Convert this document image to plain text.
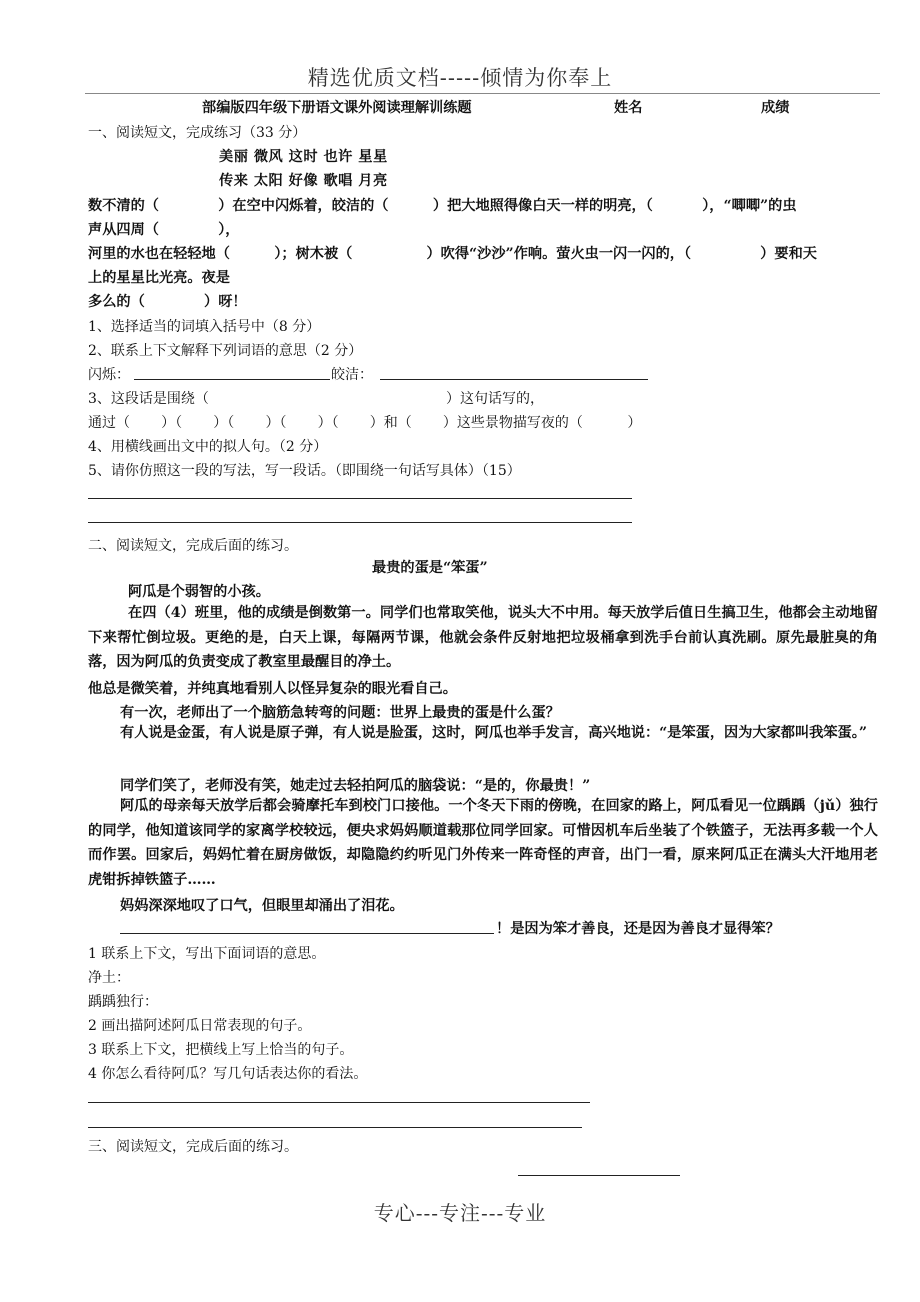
精选优质文档-----倾情为你奉上
部编版四年级下册语文课外阅读理解训练题	姓名	成绩
一、阅读短文，完成练习（33 分）
美丽 微风 这时 也许 星星
传来 太阳 好像 歌唱 月亮
数不清的（            ）在空中闪烁着，皎洁的（         ）把大地照得像白天一样的明亮，（          ），“唧唧”的虫
声从四周（            ），
河里的水也在轻轻地（         ）；树木被（               ）吹得“沙沙”作响。萤火虫一闪一闪的，（              ）要和天
上的星星比光亮。夜是
多么的（            ）呀！
1、选择适当的词填入括号中（8 分）
2、联系上下文解释下列词语的意思（2 分）
闪烁：	皎洁：
3、这段话是围绕（	）这句话写的，
通过（       ）（       ）（       ）（       ）（       ）和（       ）这些景物描写夜的（          ）
4、用横线画出文中的拟人句。（2 分）
5、请你仿照这一段的写法，写一段话。（即围绕一句话写具体）（15）
二、阅读短文，完成后面的练习。
最贵的蛋是“笨蛋”
阿瓜是个弱智的小孩。
在四（4）班里，他的成绩是倒数第一。同学们也常取笑他，说头大不中用。每天放学后值日生搞卫生，他都会主动地留下来帮忙倒垃圾。更绝的是，白天上课，每隔两节课，他就会条件反射地把垃圾桶拿到洗手台前认真洗刷。原先最脏臭的角落，因为阿瓜的负责变成了教室里最醒目的净土。
他总是微笑着，并纯真地看别人以怪异复杂的眼光看自己。
有一次，老师出了一个脑筋急转弯的问题：世界上最贵的蛋是什么蛋？
有人说是金蛋，有人说是原子弹，有人说是脸蛋，这时，阿瓜也举手发言，高兴地说：“是笨蛋，因为大家都叫我笨蛋。”
同学们笑了，老师没有笑，她走过去轻拍阿瓜的脑袋说：“是的，你最贵！”
阿瓜的母亲每天放学后都会骑摩托车到校门口接他。一个冬天下雨的傍晚，在回家的路上，阿瓜看见一位踽踽（jǔ）独行的同学，他知道该同学的家离学校较远，便央求妈妈顺道载那位同学回家。可惜因机车后坐装了个铁篮子，无法再多载一个人而作罢。回家后，妈妈忙着在厨房做饭，却隐隐约约听见门外传来一阵奇怪的声音，出门一看，原来阿瓜正在满头大汗地用老虎钳拆掉铁篮子……
妈妈深深地叹了口气，但眼里却涌出了泪花。
！是因为笨才善良，还是因为善良才显得笨？
1 联系上下文，写出下面词语的意思。
净土：
踽踽独行：
2 画出描阿述阿瓜日常表现的句子。
3 联系上下文，把横线上写上恰当的句子。
4 你怎么看待阿瓜？写几句话表达你的看法。
三、阅读短文，完成后面的练习。
专心---专注---专业
